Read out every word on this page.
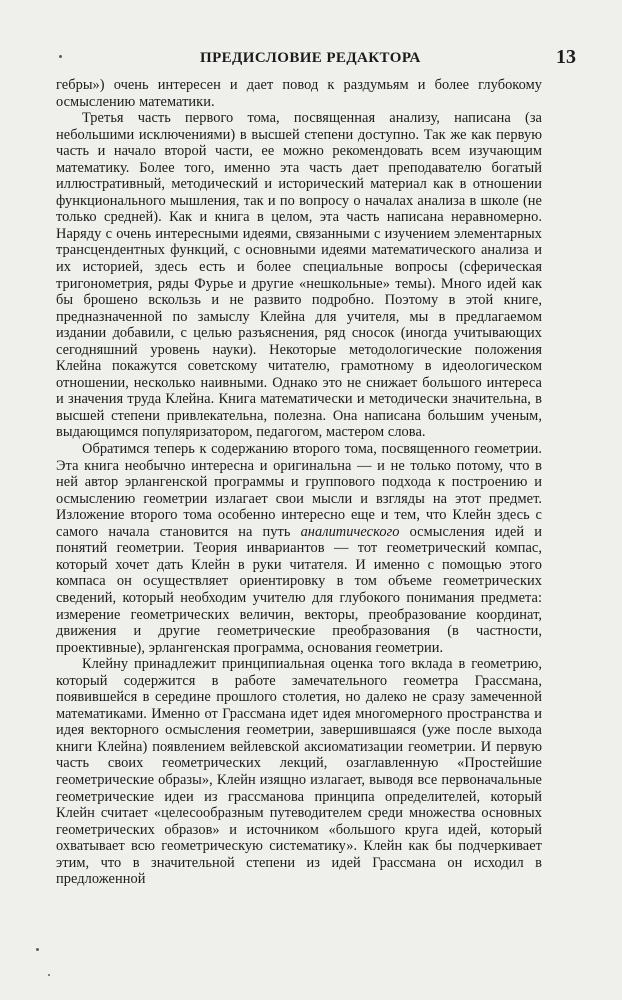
ПРЕДИСЛОВИЕ РЕДАКТОРА	13

гебры») очень интересен и дает повод к раздумьям и более глубокому осмыслению математики.

Третья часть первого тома, посвященная анализу, написана (за небольшими исключениями) в высшей степени доступно. Так же как первую часть и начало второй части, ее можно рекомендовать всем изучающим математику. Более того, именно эта часть дает преподавателю богатый иллюстративный, методический и исторический материал как в отношении функционального мышления, так и по вопросу о началах анализа в школе (не только средней). Как и книга в целом, эта часть написана неравномерно. Наряду с очень интересными идеями, связанными с изучением элементарных трансцендентных функций, с основными идеями математического анализа и их историей, здесь есть и более специальные вопросы (сферическая тригонометрия, ряды Фурье и другие «нешкольные» темы). Много идей как бы брошено вскользь и не развито подробно. Поэтому в этой книге, предназначенной по замыслу Клейна для учителя, мы в предлагаемом издании добавили, с целью разъяснения, ряд сносок (иногда учитывающих сегодняшний уровень науки). Некоторые методологические положения Клейна покажутся советскому читателю, грамотному в идеологическом отношении, несколько наивными. Однако это не снижает большого интереса и значения труда Клейна. Книга математически и методически значительна, в высшей степени привлекательна, полезна. Она написана большим ученым, выдающимся популяризатором, педагогом, мастером слова.

Обратимся теперь к содержанию второго тома, посвященного геометрии. Эта книга необычно интересна и оригинальна — и не только потому, что в ней автор эрлангенской программы и группового подхода к построению и осмыслению геометрии излагает свои мысли и взгляды на этот предмет. Изложение второго тома особенно интересно еще и тем, что Клейн здесь с самого начала становится на путь аналитического осмысления идей и понятий геометрии. Теория инвариантов — тот геометрический компас, который хочет дать Клейн в руки читателя. И именно с помощью этого компаса он осуществляет ориентировку в том объеме геометрических сведений, который необходим учителю для глубокого понимания предмета: измерение геометрических величин, векторы, преобразование координат, движения и другие геометрические преобразования (в частности, проективные), эрлангенская программа, основания геометрии.

Клейну принадлежит принципиальная оценка того вклада в геометрию, который содержится в работе замечательного геометра Грассмана, появившейся в середине прошлого столетия, но далеко не сразу замеченной математиками. Именно от Грассмана идет идея многомерного пространства и идея векторного осмысления геометрии, завершившаяся (уже после выхода книги Клейна) появлением вейлевской аксиоматизации геометрии. И первую часть своих геометрических лекций, озаглавленную «Простейшие геометрические образы», Клейн изящно излагает, выводя все первоначальные геометрические идеи из грассманова принципа определителей, который Клейн считает «целесообразным путеводителем среди множества основных геометрических образов» и источником «большого круга идей, который охватывает всю геометрическую систематику». Клейн как бы подчеркивает этим, что в значительной степени из идей Грассмана он исходил в предложенной
